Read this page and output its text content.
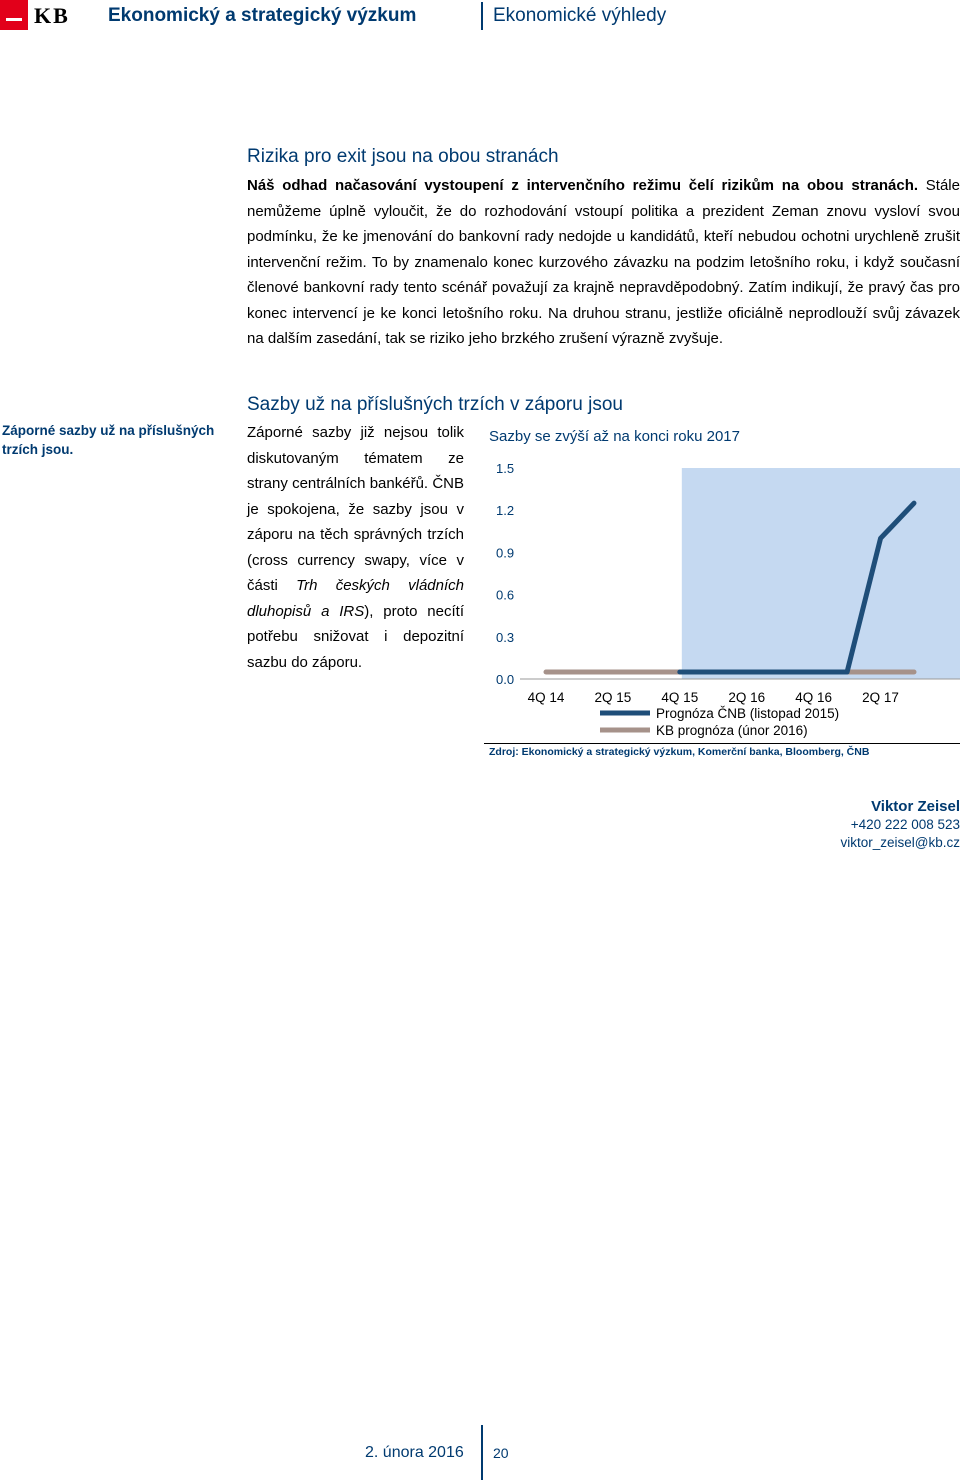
KB Ekonomický a strategický výzkum	Ekonomické výhledy
Rizika pro exit jsou na obou stranách
Náš odhad načasování vystoupení z intervenčního režimu čelí rizikům na obou stranách. Stále nemůžeme úplně vyloučit, že do rozhodování vstoupí politika a prezident Zeman znovu vysloví svou podmínku, že ke jmenování do bankovní rady nedojde u kandidátů, kteří nebudou ochotni urychleně zrušit intervenční režim. To by znamenalo konec kurzového závazku na podzim letošního roku, i když současní členové bankovní rady tento scénář považují za krajně nepravděpodobný. Zatím indikují, že pravý čas pro konec intervencí je ke konci letošního roku. Na druhou stranu, jestliže oficiálně neprodlouží svůj závazek na dalším zasedání, tak se riziko jeho brzkého zrušení výrazně zvyšuje.
Záporné sazby už na příslušných trzích jsou.
Sazby už na příslušných trzích v záporu jsou
Záporné sazby již nejsou tolik diskutovaným tématem ze strany centrálních bankéřů. ČNB je spokojena, že sazby jsou v záporu na těch správných trzích (cross currency swapy, více v části Trh českých vládních dluhopisů a IRS), proto necítí potřebu snižovat i depozitní sazbu do záporu.
Sazby se zvýší až na konci roku 2017
1.5
1.2
0.9
0.6
0.3
0.0
4Q 14 2Q 15 4Q 15 2Q 16 4Q 16 2Q 17
Prognóza ČNB (listopad 2015)
KB prognóza (únor 2016)
Zdroj: Ekonomický a strategický výzkum, Komerční banka, Bloomberg, ČNB
Viktor Zeisel
+420 222 008 523
viktor_zeisel@kb.cz
2. února 2016 20
